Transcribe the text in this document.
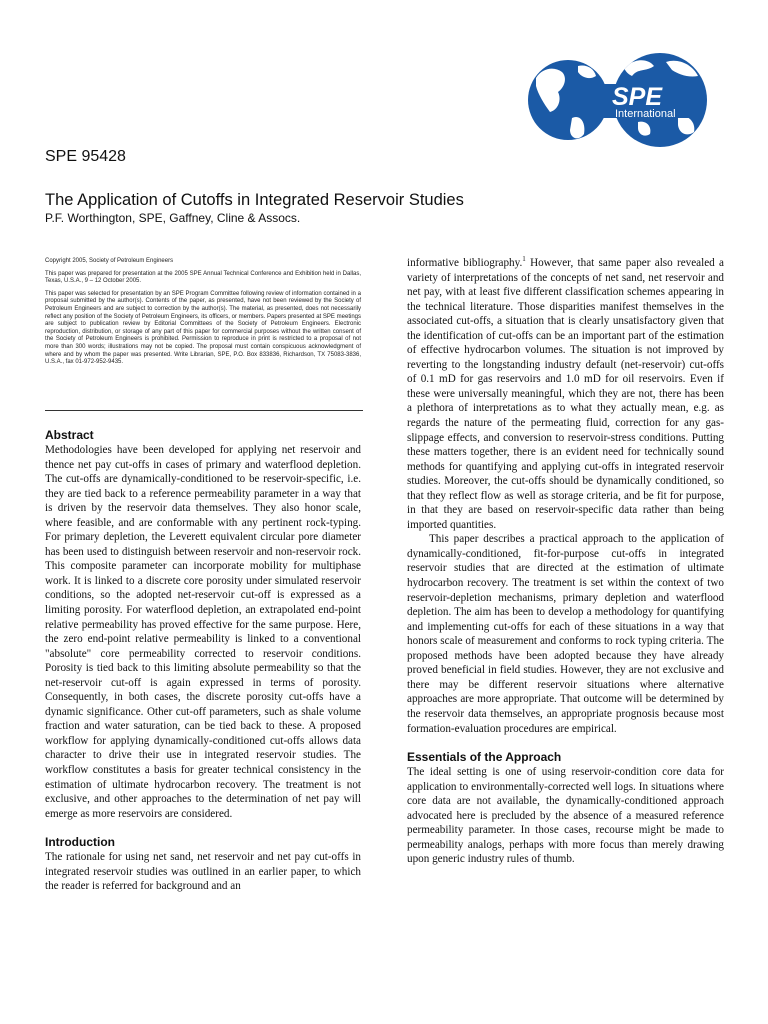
SPE
International
SPE 95428
The Application of Cutoffs in Integrated Reservoir Studies
P.F. Worthington, SPE, Gaffney, Cline & Assocs.

Copyright 2005, Society of Petroleum Engineers

This paper was prepared for presentation at the 2005 SPE Annual Technical Conference and Exhibition held in Dallas, Texas, U.S.A., 9 – 12 October 2005.

This paper was selected for presentation by an SPE Program Committee following review of information contained in a proposal submitted by the author(s). Contents of the paper, as presented, have not been reviewed by the Society of Petroleum Engineers and are subject to correction by the author(s). The material, as presented, does not necessarily reflect any position of the Society of Petroleum Engineers, its officers, or members. Papers presented at SPE meetings are subject to publication review by Editorial Committees of the Society of Petroleum Engineers. Electronic reproduction, distribution, or storage of any part of this paper for commercial purposes without the written consent of the Society of Petroleum Engineers is prohibited. Permission to reproduce in print is restricted to a proposal of not more than 300 words; illustrations may not be copied. The proposal must contain conspicuous acknowledgment of where and by whom the paper was presented. Write Librarian, SPE, P.O. Box 833836, Richardson, TX 75083-3836, U.S.A., fax 01-972-952-9435.

Abstract

Methodologies have been developed for applying net reservoir and thence net pay cut-offs in cases of primary and waterflood depletion. The cut-offs are dynamically-conditioned to be reservoir-specific, i.e. they are tied back to a reference permeability parameter in a way that is driven by the reservoir data themselves. They also honor scale, where feasible, and are conformable with any pertinent rock-typing. For primary depletion, the Leverett equivalent circular pore diameter has been used to distinguish between reservoir and non-reservoir rock. This composite parameter can incorporate mobility for multiphase work. It is linked to a discrete core porosity under simulated reservoir conditions, so the adopted net-reservoir cut-off is expressed as a limiting porosity. For waterflood depletion, an extrapolated end-point relative permeability has proved effective for the same purpose. Here, the zero end-point relative permeability is linked to a conventional "absolute" core permeability corrected to reservoir conditions. Porosity is tied back to this limiting absolute permeability so that the net-reservoir cut-off is again expressed in terms of porosity. Consequently, in both cases, the discrete porosity cut-offs have a dynamic significance. Other cut-off parameters, such as shale volume fraction and water saturation, can be tied back to these. A proposed workflow for applying dynamically-conditioned cut-offs allows data character to drive their use in integrated reservoir studies. The workflow constitutes a basis for greater technical consistency in the estimation of ultimate hydrocarbon recovery. The treatment is not exclusive, and other approaches to the determination of net pay will emerge as more reservoirs are considered.

Introduction

The rationale for using net sand, net reservoir and net pay cut-offs in integrated reservoir studies was outlined in an earlier paper, to which the reader is referred for background and an

informative bibliography.$^1$ However, that same paper also revealed a variety of interpretations of the concepts of net sand, net reservoir and net pay, with at least five different classification schemes appearing in the technical literature. Those disparities manifest themselves in the associated cut-offs, a situation that is clearly unsatisfactory given that the identification of cut-offs can be an important part of the estimation of effective hydrocarbon volumes. The situation is not improved by reverting to the longstanding industry default (net-reservoir) cut-offs of 0.1 mD for gas reservoirs and 1.0 mD for oil reservoirs. Even if these were universally meaningful, which they are not, there has been a plethora of interpretations as to what they actually mean, e.g. as regards the nature of the permeating fluid, correction for any gas-slippage effects, and conversion to reservoir-stress conditions. Putting these matters together, there is an evident need for technically sound methods for quantifying and applying cut-offs in integrated reservoir studies. Moreover, the cut-offs should be dynamically conditioned, so that they reflect flow as well as storage criteria, and be fit for purpose, in that they are based on reservoir-specific data rather than being imported quantities.

This paper describes a practical approach to the application of dynamically-conditioned, fit-for-purpose cut-offs in integrated reservoir studies that are directed at the estimation of ultimate hydrocarbon recovery. The treatment is set within the context of two reservoir-depletion mechanisms, primary depletion and waterflood depletion. The aim has been to develop a methodology for quantifying and implementing cut-offs for each of these situations in a way that honors scale of measurement and conforms to rock typing criteria. The proposed methods have been adopted because they have already proved beneficial in field studies. However, they are not exclusive and there may be different reservoir situations where alternative approaches are more appropriate. That outcome will be determined by the reservoir data themselves, an appropriate prognosis because most formation-evaluation procedures are empirical.

Essentials of the Approach

The ideal setting is one of using reservoir-condition core data for application to environmentally-corrected well logs. In situations where core data are not available, the dynamically-conditioned approach advocated here is precluded by the absence of a measured reference permeability parameter. In those cases, recourse might be made to permeability analogs, perhaps with more focus than merely drawing upon generic industry rules of thumb.
